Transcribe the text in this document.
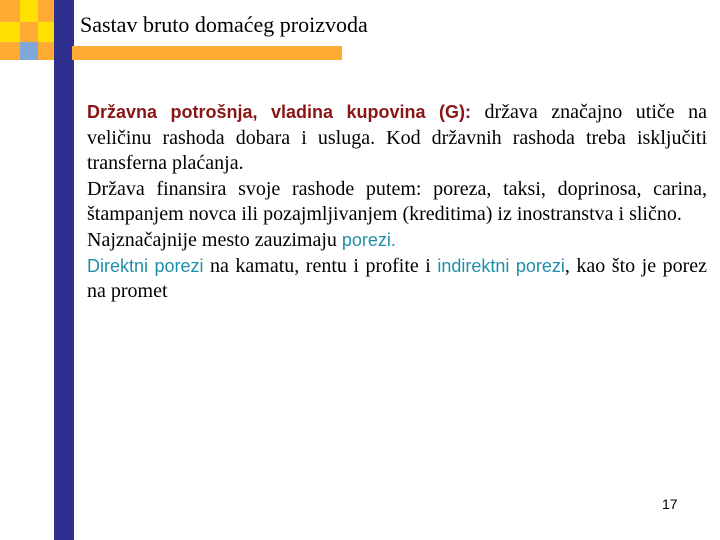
Sastav bruto domaćeg proizvoda

Državna potrošnja, vladina kupovina (G): država značajno utiče na veličinu rashoda dobara i usluga. Kod državnih rashoda treba isključiti transferna plaćanja.

Država finansira svoje rashode putem: poreza, taksi, doprinosa, carina, štampanjem novca ili pozajmljivanjem (kreditima) iz inostranstva i slično.

Najznačajnije mesto zauzimaju porezi.

Direktni porezi na kamatu, rentu i profite i indirektni porezi, kao što je porez na promet

17
